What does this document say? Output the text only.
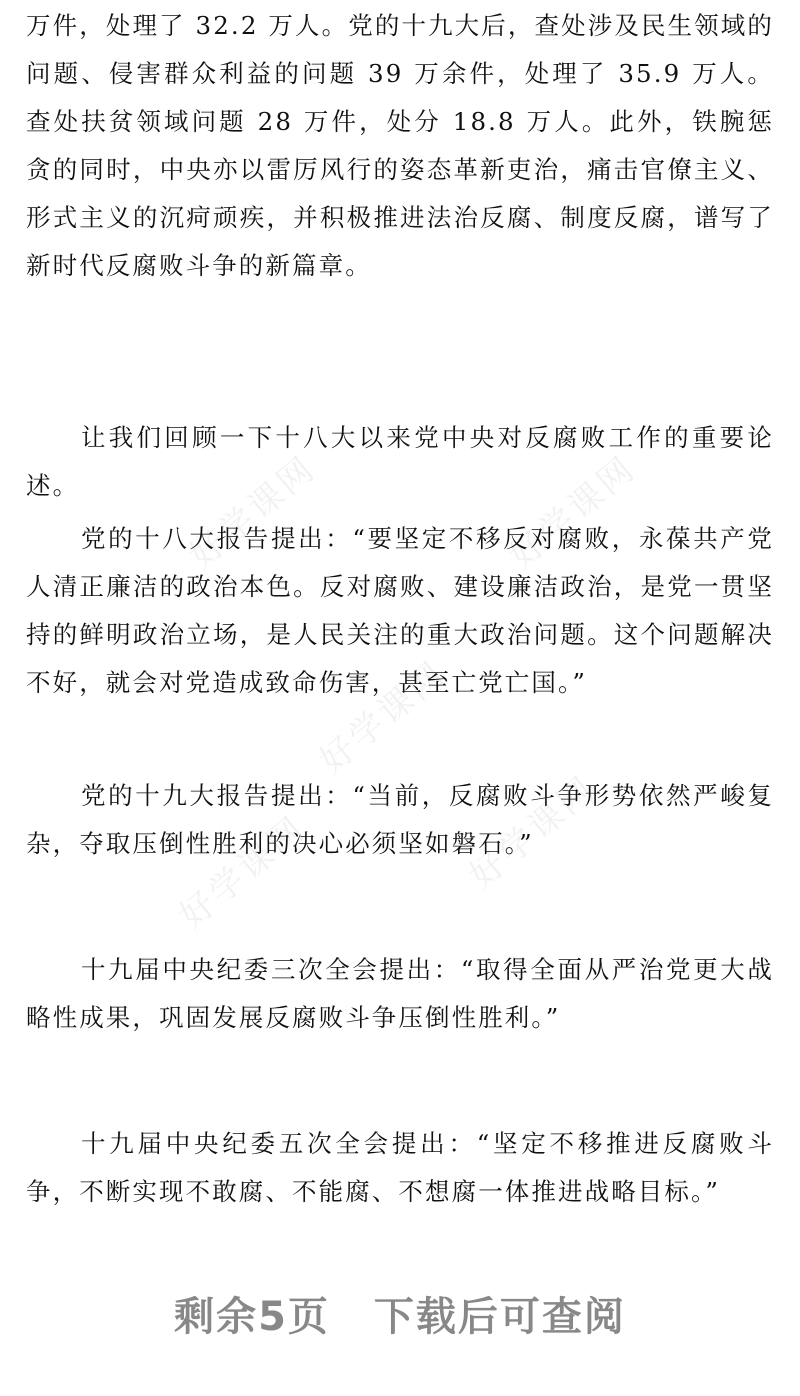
好学课网	好学课网
好学课网
好学课网	好学课网

万件，处理了 32.2 万人。党的十九大后，查处涉及民生领域的问题、侵害群众利益的问题 39 万余件，处理了 35.9 万人。查处扶贫领域问题 28 万件，处分 18.8 万人。此外，铁腕惩贪的同时，中央亦以雷厉风行的姿态革新吏治，痛击官僚主义、形式主义的沉疴顽疾，并积极推进法治反腐、制度反腐，谱写了新时代反腐败斗争的新篇章。

让我们回顾一下十八大以来党中央对反腐败工作的重要论述。

党的十八大报告提出：“要坚定不移反对腐败，永葆共产党人清正廉洁的政治本色。反对腐败、建设廉洁政治，是党一贯坚持的鲜明政治立场，是人民关注的重大政治问题。这个问题解决不好，就会对党造成致命伤害，甚至亡党亡国。”

党的十九大报告提出：“当前，反腐败斗争形势依然严峻复杂，夺取压倒性胜利的决心必须坚如磐石。”

十九届中央纪委三次全会提出：“取得全面从严治党更大战略性成果，巩固发展反腐败斗争压倒性胜利。”

十九届中央纪委五次全会提出：“坚定不移推进反腐败斗争，不断实现不敢腐、不能腐、不想腐一体推进战略目标。”

剩余5页 下载后可查阅
